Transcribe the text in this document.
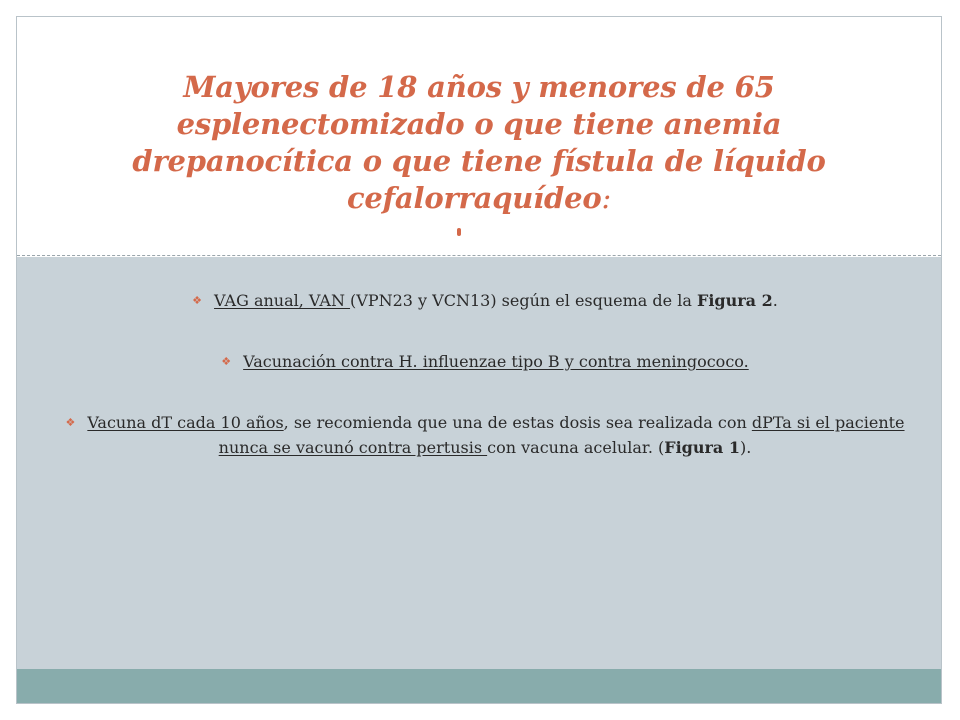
Mayores de 18 años y menores de 65
esplenectomizado o que tiene anemia
drepanocítica o que tiene fístula de líquido
cefalorraquídeo:
❖ VAG anual, VAN (VPN23 y VCN13) según el esquema de la Figura 2.
❖ Vacunación contra H. influenzae tipo B y contra meningococo.
❖ Vacuna dT cada 10 años, se recomienda que una de estas dosis sea realizada con dPTa si el paciente nunca se vacunó contra pertusis con vacuna acelular. (Figura 1).
